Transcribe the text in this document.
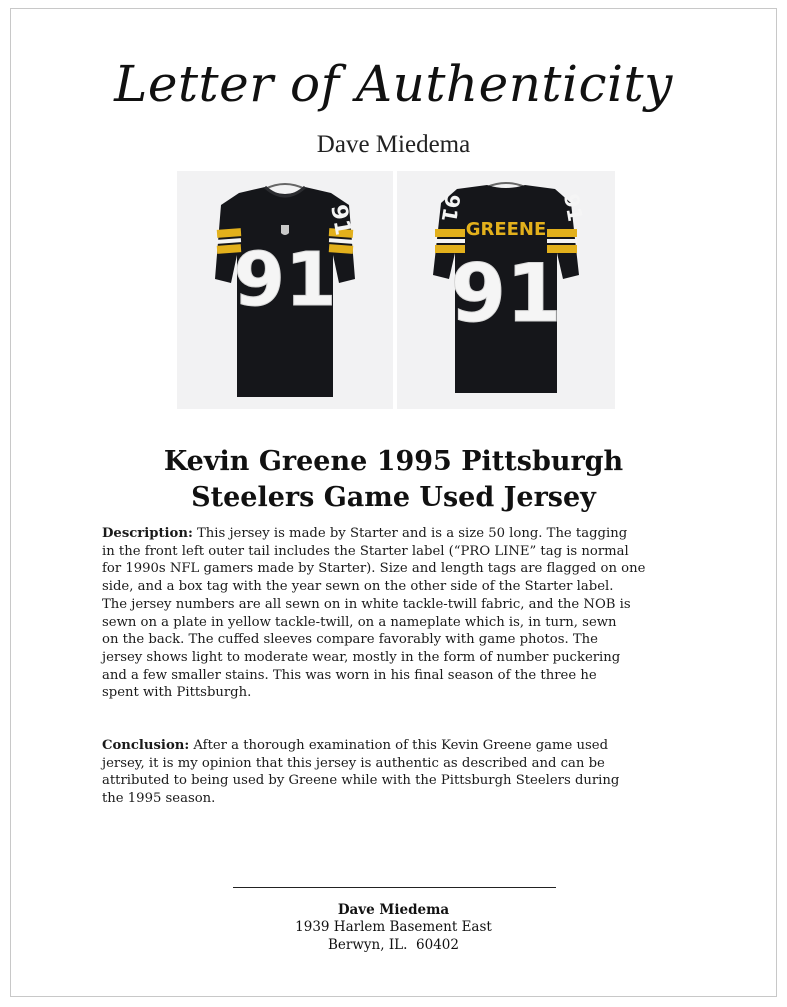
Letter of Authenticity
Dave Miedema
91
91
91	91
GREENE
91
Kevin Greene 1995 Pittsburgh
Steelers Game Used Jersey
Description: This jersey is made by Starter and is a size 50 long. The tagging
in the front left outer tail includes the Starter label (“PRO LINE” tag is normal
for 1990s NFL gamers made by Starter). Size and length tags are flagged on one
side, and a box tag with the year sewn on the other side of the Starter label.
The jersey numbers are all sewn on in white tackle-twill fabric, and the NOB is
sewn on a plate in yellow tackle-twill, on a nameplate which is, in turn, sewn
on the back. The cuffed sleeves compare favorably with game photos. The
jersey shows light to moderate wear, mostly in the form of number puckering
and a few smaller stains. This was worn in his final season of the three he
spent with Pittsburgh.
Conclusion: After a thorough examination of this Kevin Greene game used
jersey, it is my opinion that this jersey is authentic as described and can be
attributed to being used by Greene while with the Pittsburgh Steelers during
the 1995 season.
Dave Miedema
1939 Harlem Basement East
Berwyn, IL.  60402
